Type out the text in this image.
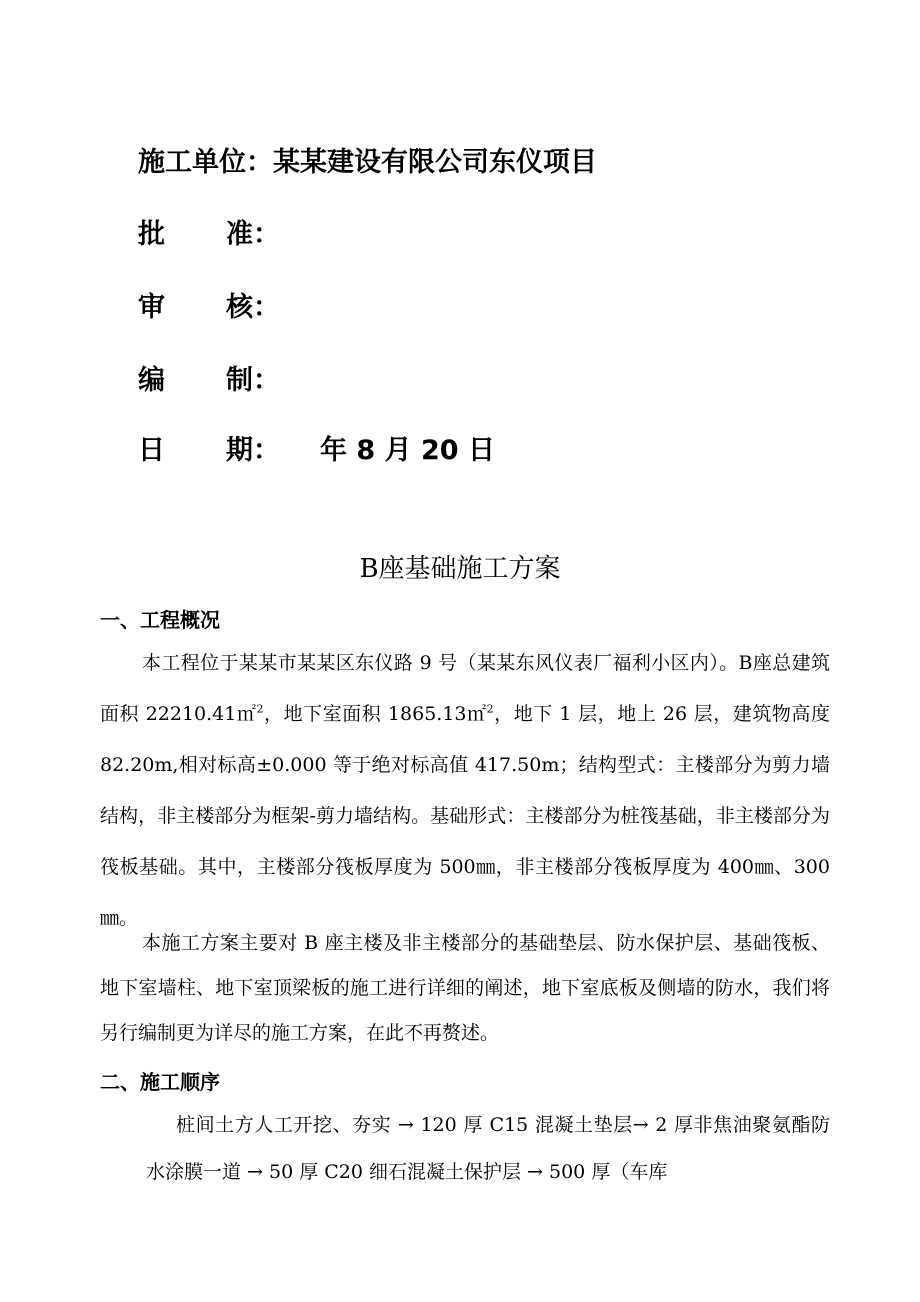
施工单位：某某建设有限公司东仪项目
批 准：
审 核：
编 制：
日 期： 年 8 月 20 日
B座基础施工方案
一、工程概况

本工程位于某某市某某区东仪路 9 号（某某东风仪表厂福利小区内）。B座总建筑面积 22210.41㎡$^2$，地下室面积 1865.13㎡$^2$，地下 1 层，地上 26 层，建筑物高度 82.20m,相对标高±0.000 等于绝对标高值 417.50m；结构型式：主楼部分为剪力墙结构，非主楼部分为框架-剪力墙结构。基础形式：主楼部分为桩筏基础，非主楼部分为筏板基础。其中，主楼部分筏板厚度为 500㎜，非主楼部分筏板厚度为 400㎜、300㎜。

本施工方案主要对 B 座主楼及非主楼部分的基础垫层、防水保护层、基础筏板、地下室墙柱、地下室顶梁板的施工进行详细的阐述，地下室底板及侧墙的防水，我们将另行编制更为详尽的施工方案，在此不再赘述。

二、施工顺序

桩间土方人工开挖、夯实 → 120 厚 C15 混凝土垫层→ 2 厚非焦油聚氨酯防水涂膜一道 → 50 厚 C20 细石混凝土保护层 → 500 厚（车库
